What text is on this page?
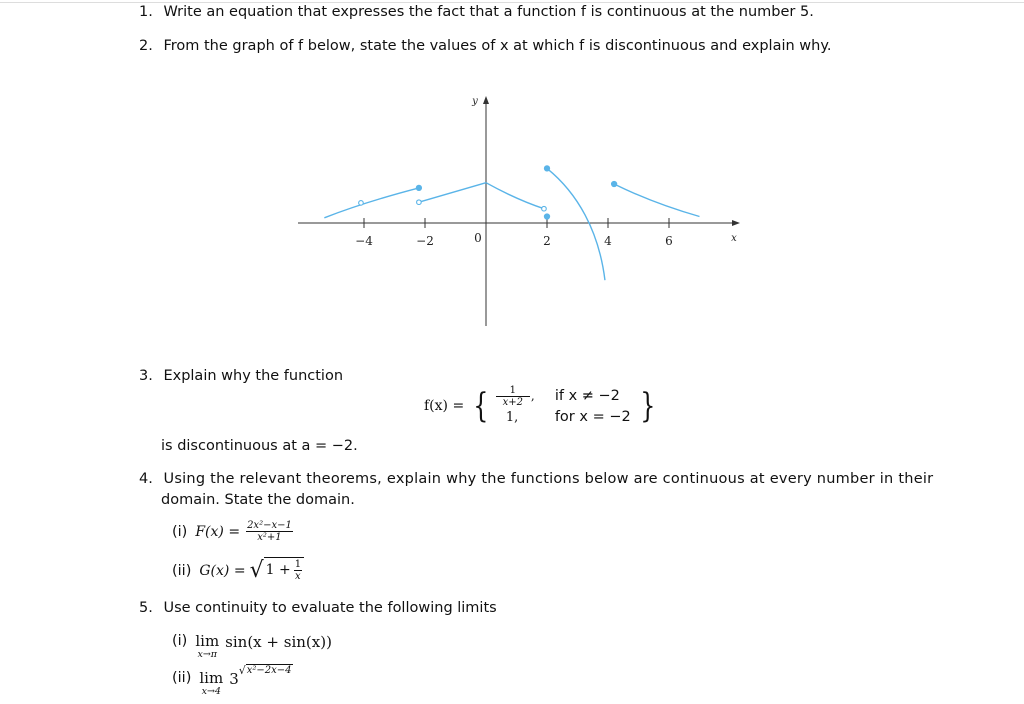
1. Write an equation that expresses the fact that a function f is continuous at the number 5.
2. From the graph of f below, state the values of x at which f is discontinuous and explain why.
−4	−2	2	4	6
0
y
x
3. Explain why the function
f(x) = { $\frac{1}{x+2}$ ,	if x ≠ −2
1,	for x = −2 }
is discontinuous at a = −2.
4. Using the relevant theorems, explain why the functions below are continuous at every number in their
domain. State the domain.
(i) $F(x) = \frac{\text{2x²−x−1}}{\text{x²+1}}$
(ii) G(x) = √ $1 + \frac{1}{x}$
5. Use continuity to evaluate the following limits
(i) lim
x→π
sin(x + sin(x))
(ii) lim
x→4
3 √ x²−2x−4
